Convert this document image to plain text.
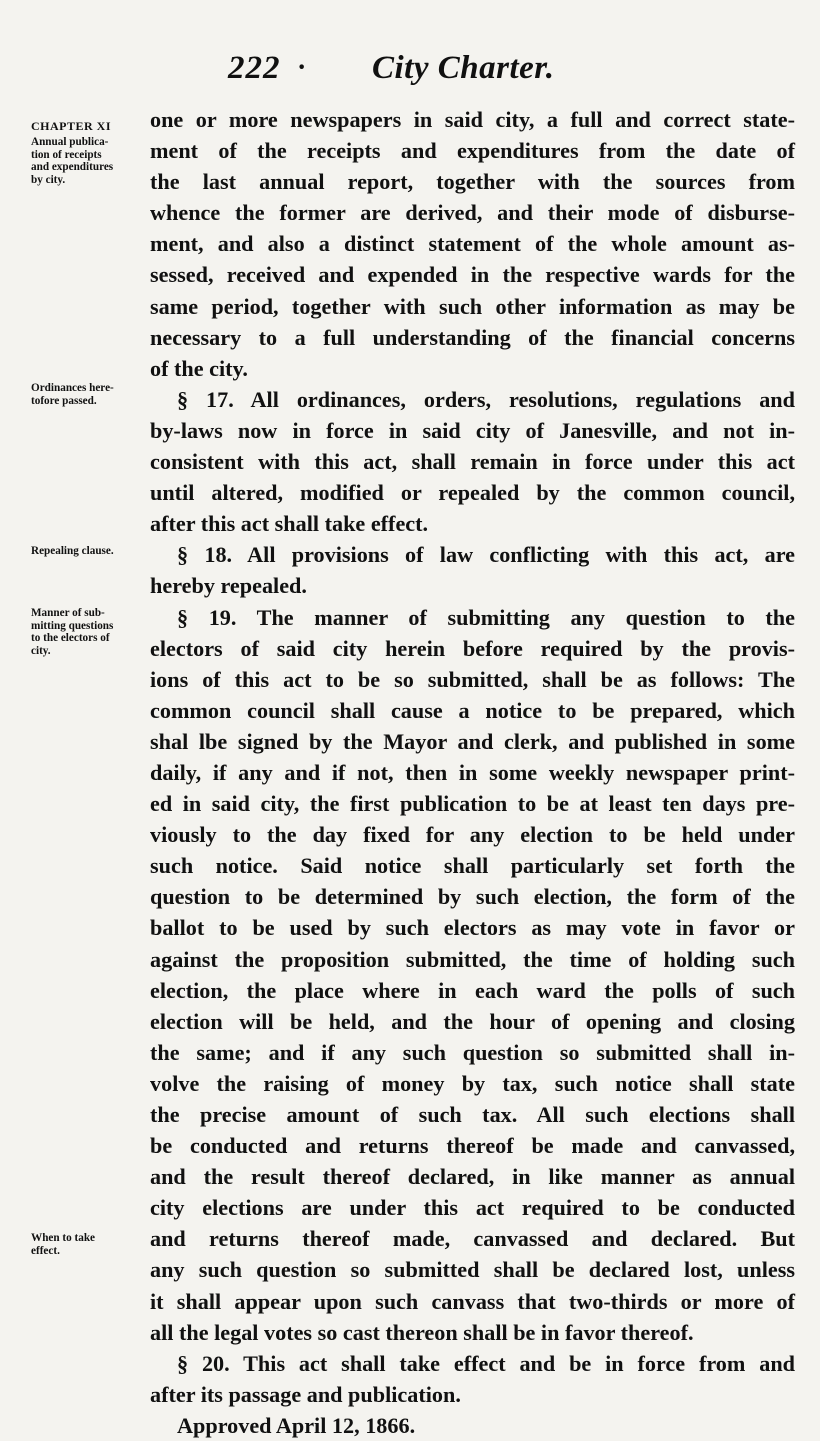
222 · City Charter.
CHAPTER XI
Annual publica-
tion of receipts
and expenditures
by city.
Ordinances here-
tofore passed.
Repealing clause.
Manner of sub-
mitting questions
to the electors of
city.
When to take
effect.
one or more newspapers in said city, a full and correct state-
ment of the receipts and expenditures from the date of
the last annual report, together with the sources from
whence the former are derived, and their mode of disburse-
ment, and also a distinct statement of the whole amount as-
sessed, received and expended in the respective wards for the
same period, together with such other information as may be
necessary to a full understanding of the financial concerns
of the city.
§ 17. All ordinances, orders, resolutions, regulations and
by-laws now in force in said city of Janesville, and not in-
consistent with this act, shall remain in force under this act
until altered, modified or repealed by the common council,
after this act shall take effect.
§ 18. All provisions of law conflicting with this act, are
hereby repealed.
§ 19. The manner of submitting any question to the
electors of said city herein before required by the provis-
ions of this act to be so submitted, shall be as follows: The
common council shall cause a notice to be prepared, which
shal lbe signed by the Mayor and clerk, and published in some
daily, if any and if not, then in some weekly newspaper print-
ed in said city, the first publication to be at least ten days pre-
viously to the day fixed for any election to be held under
such notice. Said notice shall particularly set forth the
question to be determined by such election, the form of the
ballot to be used by such electors as may vote in favor or
against the proposition submitted, the time of holding such
election, the place where in each ward the polls of such
election will be held, and the hour of opening and closing
the same; and if any such question so submitted shall in-
volve the raising of money by tax, such notice shall state
the precise amount of such tax. All such elections shall
be conducted and returns thereof be made and canvassed,
and the result thereof declared, in like manner as annual
city elections are under this act required to be conducted
and returns thereof made, canvassed and declared. But
any such question so submitted shall be declared lost, unless
it shall appear upon such canvass that two-thirds or more of
all the legal votes so cast thereon shall be in favor thereof.
§ 20. This act shall take effect and be in force from and
after its passage and publication.
Approved April 12, 1866.
